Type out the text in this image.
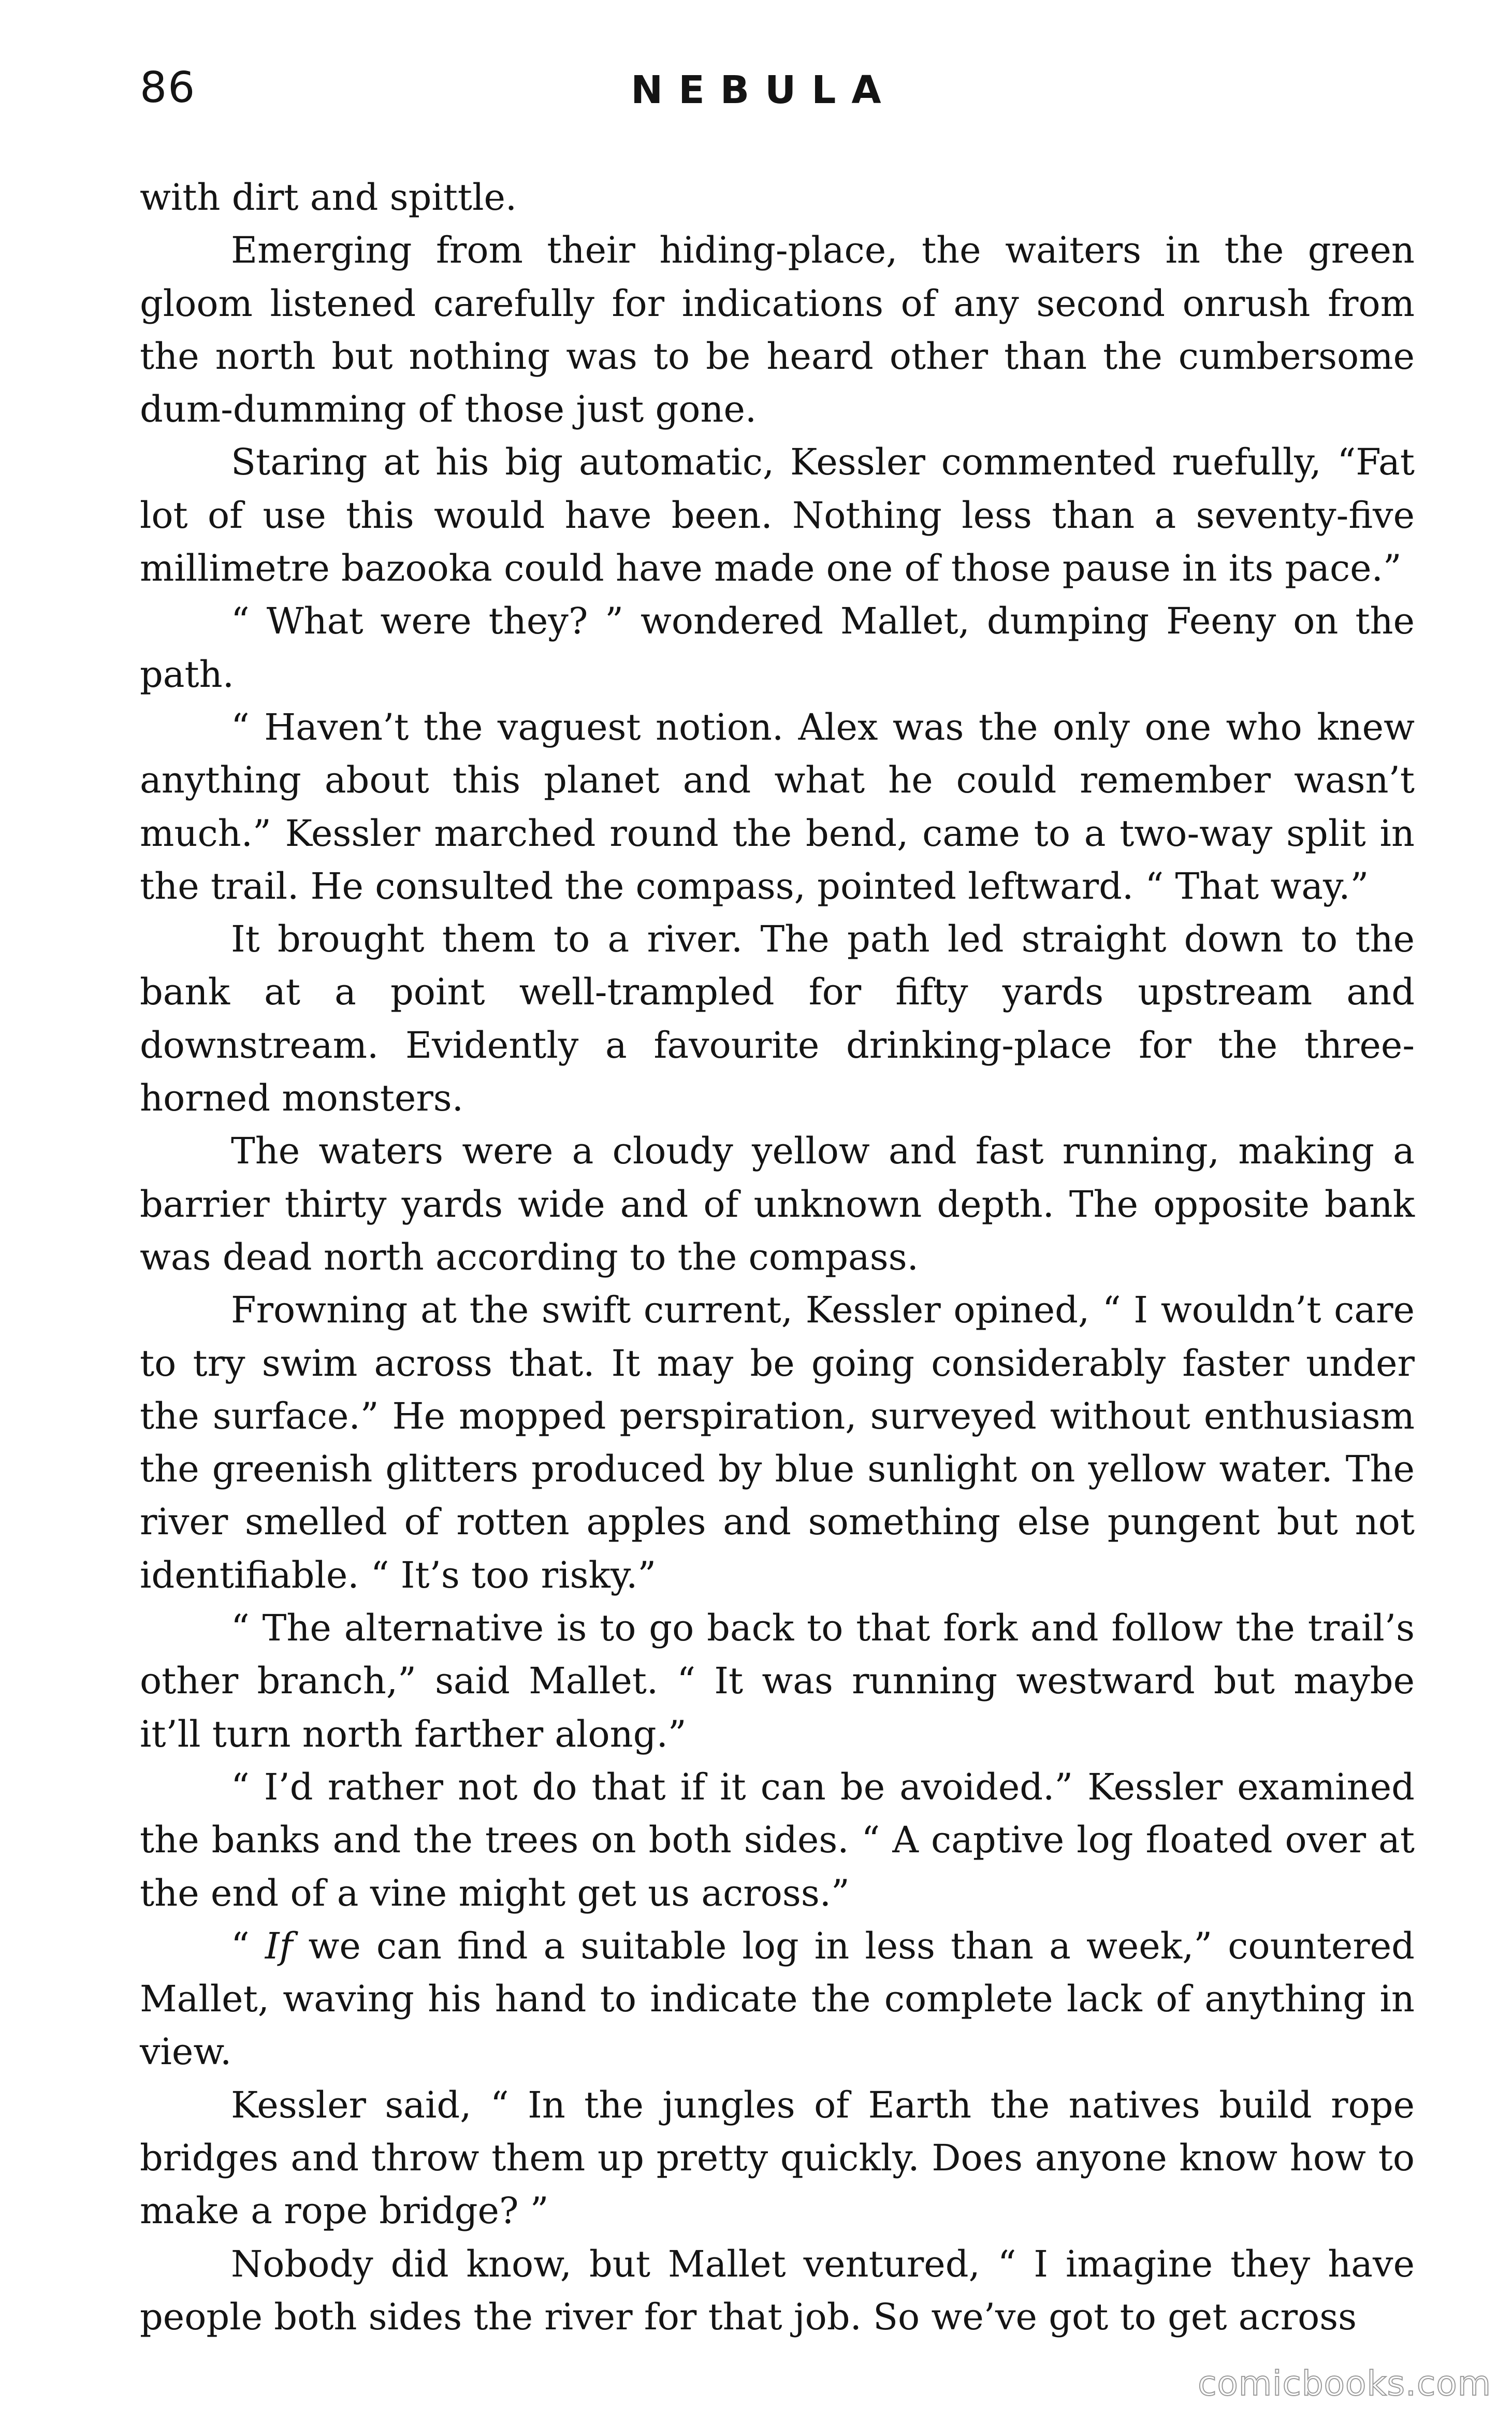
86	NEBULA

with dirt and spittle.

Emerging from their hiding-place, the waiters in the green gloom listened carefully for indications of any second onrush from the north but nothing was to be heard other than the cumbersome dum-dumming of those just gone.

Staring at his big automatic, Kessler commented ruefully, “Fat lot of use this would have been. Nothing less than a seventy-five millimetre bazooka could have made one of those pause in its pace.”

“ What were they? ” wondered Mallet, dumping Feeny on the path.

“ Haven’t the vaguest notion. Alex was the only one who knew anything about this planet and what he could remember wasn’t much.” Kessler marched round the bend, came to a two-way split in the trail. He consulted the compass, pointed leftward. “ That way.”

It brought them to a river. The path led straight down to the bank at a point well-trampled for fifty yards upstream and downstream. Evidently a favourite drinking-place for the three-horned monsters.

The waters were a cloudy yellow and fast running, making a barrier thirty yards wide and of unknown depth. The opposite bank was dead north according to the compass.

Frowning at the swift current, Kessler opined, “ I wouldn’t care to try swim across that. It may be going considerably faster under the surface.” He mopped perspiration, surveyed without enthusiasm the greenish glitters produced by blue sunlight on yellow water. The river smelled of rotten apples and something else pungent but not identifiable. “ It’s too risky.”

“ The alternative is to go back to that fork and follow the trail’s other branch,” said Mallet. “ It was running westward but maybe it’ll turn north farther along.”

“ I’d rather not do that if it can be avoided.” Kessler examined the banks and the trees on both sides. “ A captive log floated over at the end of a vine might get us across.”

“ If we can find a suitable log in less than a week,” countered Mallet, waving his hand to indicate the complete lack of anything in view.

Kessler said, “ In the jungles of Earth the natives build rope bridges and throw them up pretty quickly. Does anyone know how to make a rope bridge? ”

Nobody did know, but Mallet ventured, “ I imagine they have people both sides the river for that job. So we’ve got to get across

comicbooks.com
